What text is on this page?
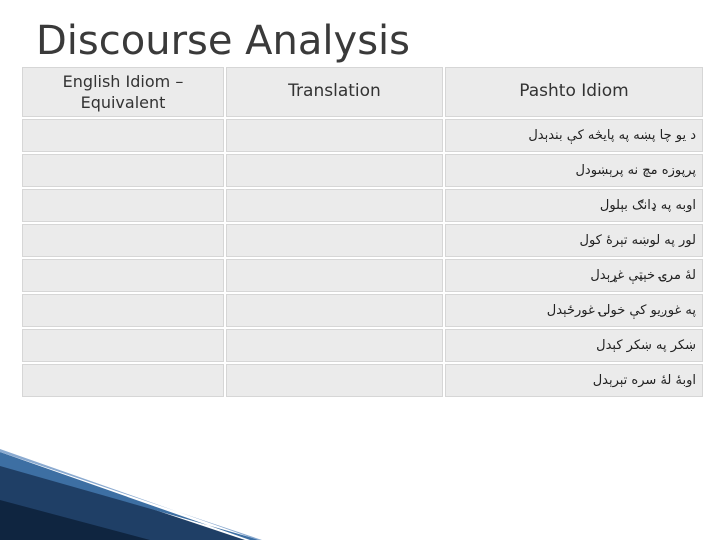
Discourse Analysis
English Idiom – Equivalent	Translation	Pashto Idiom

		د يو چا پښه په پايڅه کې بندېدل

		پرپوزه مچ نه پرېښودل

		اوبه په ډانګ بېلول

		لور په لوښه تېرۀ کول

		لۀ مرۍ خېټې غړېدل

		په غوږيو کې خولۍ غورځېدل

		ښکر په ښکر کېدل

		اوبۀ لۀ سره تېرېدل
